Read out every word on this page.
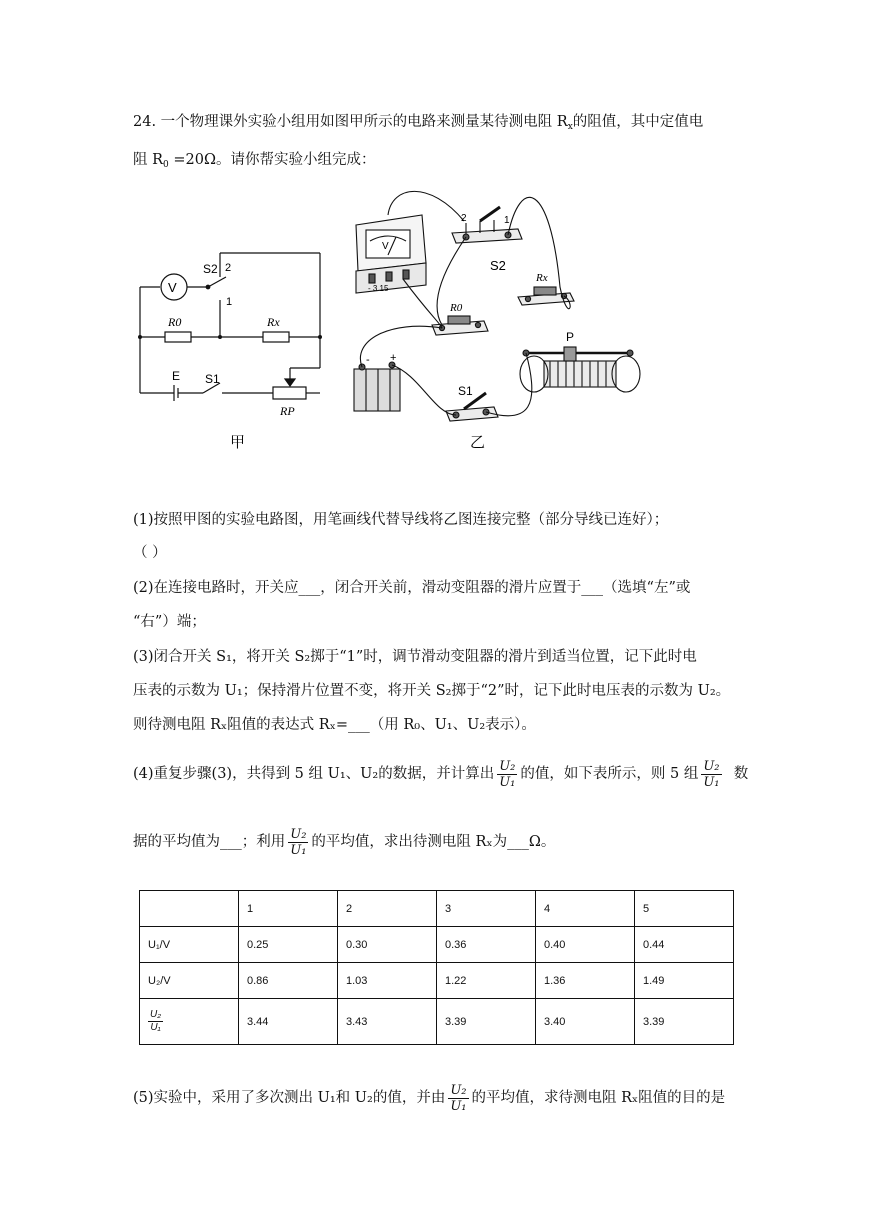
24. 一个物理课外实验小组用如图甲所示的电路来测量某待测电阻 $R_x$的阻值，其中定值电
阻 $R_0 =20\Omega$。请你帮实验小组完成：
V
S2 2
1
R0	Rx
E S1
RP
甲
V
- 3 15
2	1
S2
Rx
R0
- +
S1
P
乙
(1)按照甲图的实验电路图，用笔画线代替导线将乙图连接完整（部分导线已连好）；
（ ）
(2)在连接电路时，开关应___，闭合开关前，滑动变阻器的滑片应置于___（选填“左”或
“右”）端；
(3)闭合开关 S₁，将开关 S₂掷于“1”时，调节滑动变阻器的滑片到适当位置，记下此时电
压表的示数为 U₁；保持滑片位置不变，将开关 S₂掷于“2”时，记下此时电压表的示数为 U₂。
则待测电阻 Rₓ阻值的表达式 Rₓ=___（用 R₀、U₁、U₂表示）。
(4)重复步骤(3)，共得到 5 组 U₁、U₂的数据，并计算出 $\frac{\text{U₂}}{\text{U₁}}$ 的值，如下表所示，则 5 组 $\frac{\text{U₂}}{\text{U₁}}$ 数
据的平均值为___；利用 $\frac{\text{U₂}}{\text{U₁}}$ 的平均值，求出待测电阻 Rₓ为___Ω。
	1	2	3	4	5
U₁/V	0.25	0.30	0.36	0.40	0.44
U₂/V	0.86	1.03	1.22	1.36	1.49

$\frac{\text{U₂}}{\text{U₁}}$	3.44	3.43	3.39	3.40	3.39
(5)实验中，采用了多次测出 U₁和 U₂的值，并由 $\frac{\text{U₂}}{\text{U₁}}$ 的平均值，求待测电阻 Rₓ阻值的目的是
